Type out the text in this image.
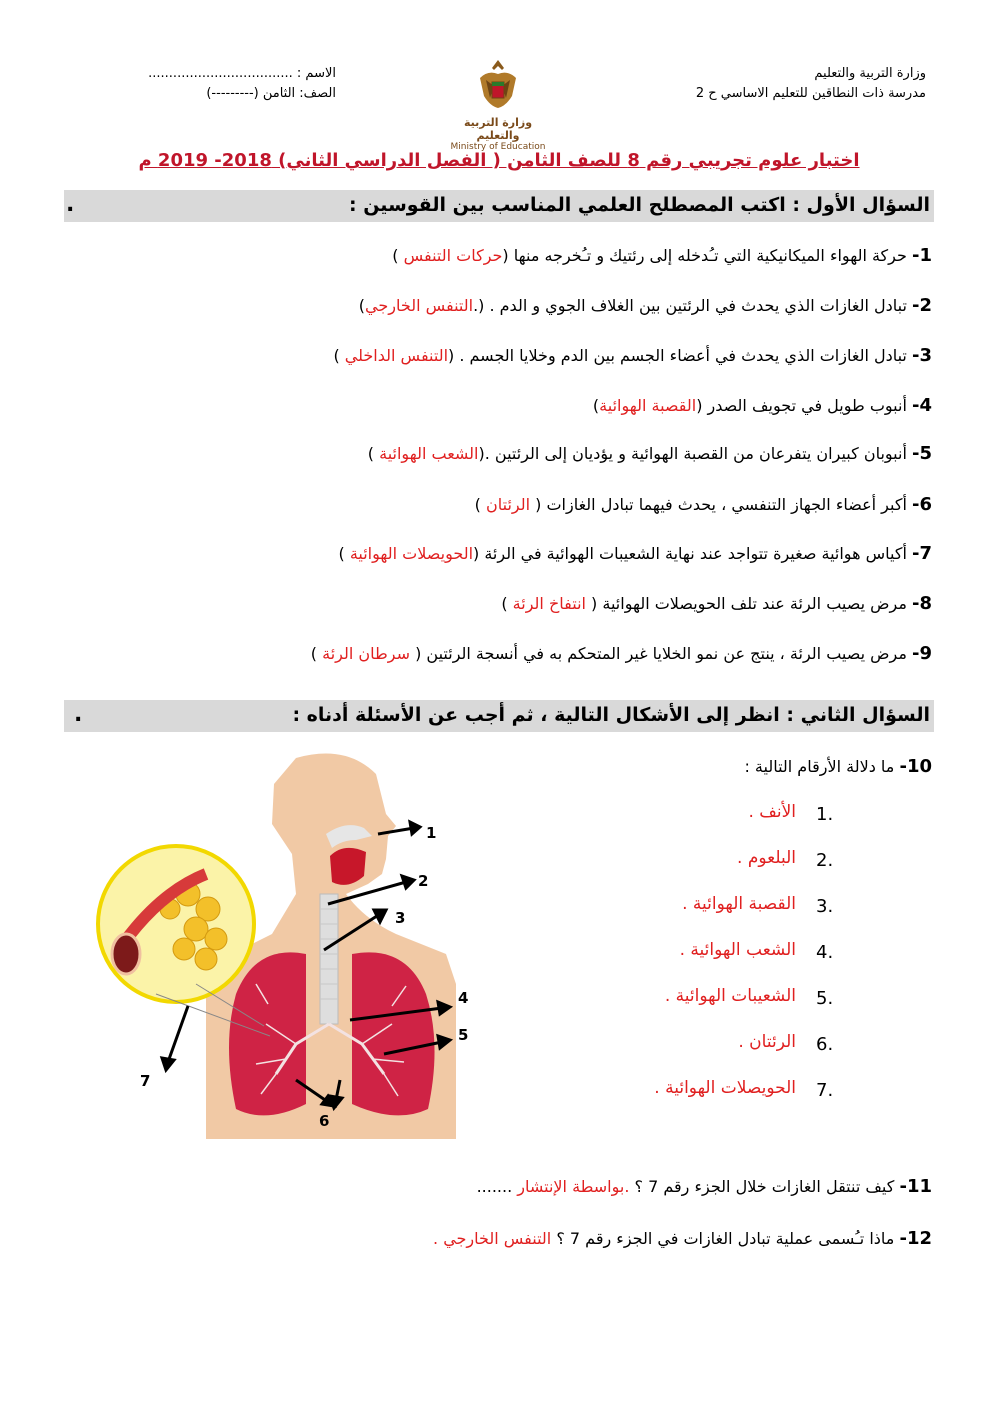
وزارة التربية والتعليم
مدرسة ذات النطاقين للتعليم الاساسي ح 2
وزارة التربية والتعليم
Ministry of Education
الاسم : ...................................
الصف: الثامن (---------)
اختبار علوم تجريبي رقم 8 للصف الثامن ( الفصل الدراسي الثاني) 2018- 2019 م
السؤال الأول : اكتب المصطلح العلمي المناسب بين القوسين :
.
1- حركة الهواء الميكانيكية التي تـُدخله إلى رئتيك و تـُخرجه منها (حركات التنفس )
2- تبادل الغازات الذي يحدث في الرئتين بين الغلاف الجوي و الدم . (.التنفس الخارجي)
3- تبادل الغازات الذي يحدث في أعضاء الجسم بين الدم وخلايا الجسم . (التنفس الداخلي )
4- أنبوب طويل في تجويف الصدر (القصبة الهوائية)
5- أنبوبان كبيران يتفرعان من القصبة الهوائية و يؤديان إلى الرئتين .(الشعب الهوائية )
6- أكبر أعضاء الجهاز التنفسي ، يحدث فيهما تبادل الغازات ( الرئتان )
7- أكياس هوائية صغيرة تتواجد عند نهاية الشعيبات الهوائية في الرئة (الحويصلات الهوائية )
8- مرض يصيب الرئة عند تلف الحويصلات الهوائية ( انتفاخ الرئة )
9- مرض يصيب الرئة ، ينتج عن نمو الخلايا غير المتحكم به في أنسجة الرئتين ( سرطان الرئة )
السؤال الثاني : انظر إلى الأشكال التالية ، ثم أجب عن الأسئلة أدناه :
.
10- ما دلالة الأرقام التالية :
الأنف . 1.
البلعوم . 2.
القصبة الهوائية . 3.
الشعب الهوائية . 4.
الشعيبات الهوائية . 5.
الرئتان . 6.
الحويصلات الهوائية . 7.
1
2
3
4
5
6
7
11- كيف تنتقل الغازات خلال الجزء رقم 7 ؟ .بواسطة الإنتشار .......
12- ماذا تـُسمى عملية تبادل الغازات في الجزء رقم 7 ؟ التنفس الخارجي .
